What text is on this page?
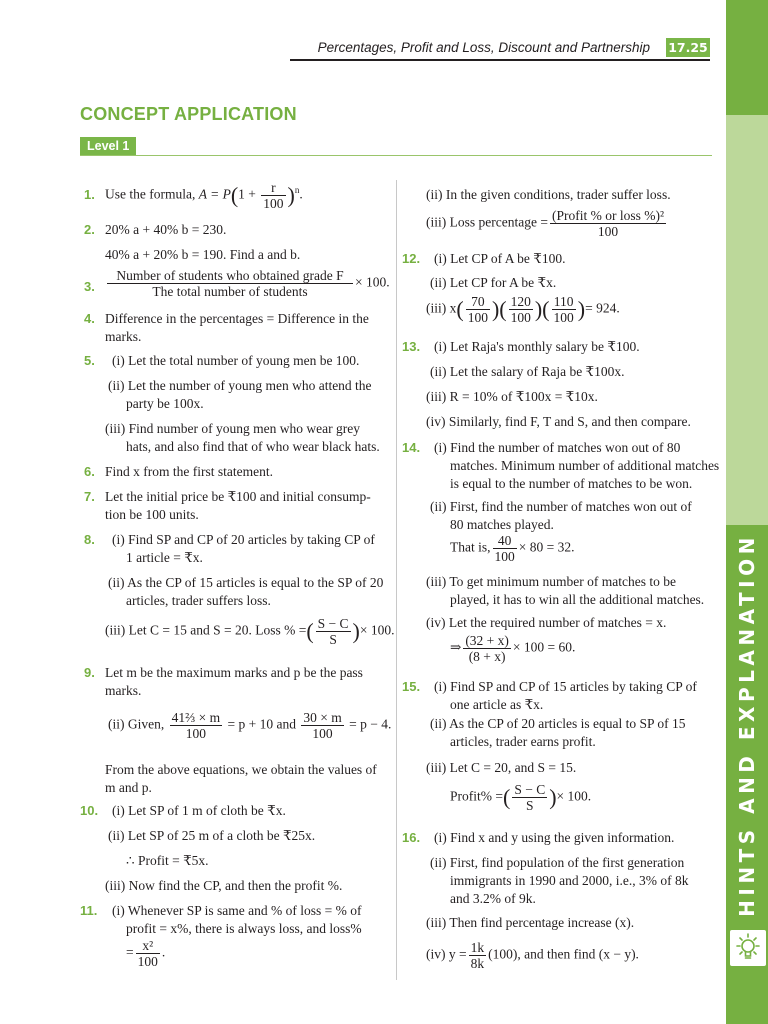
Percentages, Profit and Loss, Discount and Partnership 17.25
CONCEPT APPLICATION
Level 1
HINTS AND EXPLANATION
1. Use the formula, $A = P(1 + \frac{r}{100} )^n$.
2. 20% a + 40% b = 230.
40% a + 20% b = 190. Find a and b.
3. $\frac{\text{Number of students who obtained grade F}}{\text{The total number of students}} \times 100$.
4. Difference in the percentages = Difference in the
marks.
5. (i) Let the total number of young men be 100.
(ii) Let the number of young men who attend the
party be 100x.
(iii) Find number of young men who wear grey
hats, and also find that of who wear black hats.
6. Find x from the first statement.
7. Let the initial price be ₹100 and initial consump-
tion be 100 units.
8. (i) Find SP and CP of 20 articles by taking CP of
1 article = ₹x.
(ii) As the CP of 15 articles is equal to the SP of 20
articles, trader suffers loss.
(iii) Let C = 15 and S = 20. Loss % =( $\frac{S - C}{S}$ )× 100.
9. Let m be the maximum marks and p be the pass
marks.
(ii) Given, $\frac{\text{41⅔ × m}}{100} = p + 10$ and $\frac{30 \times m}{100} = p - 4$.
From the above equations, we obtain the values of
m and p.
10. (i) Let SP of 1 m of cloth be ₹x.
(ii) Let SP of 25 m of a cloth be ₹25x.
∴ Profit = ₹5x.
(iii) Now find the CP, and then the profit %.
11. (i) Whenever SP is same and % of loss = % of
profit = x%, there is always loss, and loss%
= $\frac{\text{x²}}{100}$ .
(ii) In the given conditions, trader suffer loss.
(iii) Loss percentage = $\frac{\text{(Profit \% or loss \%)²}}{100}$
12. (i) Let CP of A be ₹100.
(ii) Let CP for A be ₹x.
(iii) $x( \frac{70}{100}$ )( $\frac{120}{100}$ )( $\frac{110}{100}$ )= 924.
13. (i) Let Raja's monthly salary be ₹100.
(ii) Let the salary of Raja be ₹100x.
(iii) R = 10% of ₹100x = ₹10x.
(iv) Similarly, find F, T and S, and then compare.
14. (i) Find the number of matches won out of 80
matches. Minimum number of additional matches
is equal to the number of matches to be won.
(ii) First, find the number of matches won out of
80 matches played.
That is, $\frac{40}{100} \times 80 = 32$.
(iii) To get minimum number of matches to be
played, it has to win all the additional matches.
(iv) Let the required number of matches = x.
⇒ $\frac{(32 + x)}{(8 + x)} \times 100 = 60$.
15. (i) Find SP and CP of 15 articles by taking CP of
one article as ₹x.
(ii) As the CP of 20 articles is equal to SP of 15
articles, trader earns profit.
(iii) Let C = 20, and S = 15.
Profit% =( $\frac{S - C}{S}$ )× 100.
16. (i) Find x and y using the given information.
(ii) First, find population of the first generation
immigrants in 1990 and 2000, i.e., 3% of 8k
and 3.2% of 9k.
(iii) Then find percentage increase (x).
(iv) $y = \frac{1k}{8k} (100)$, and then find (x − y).
